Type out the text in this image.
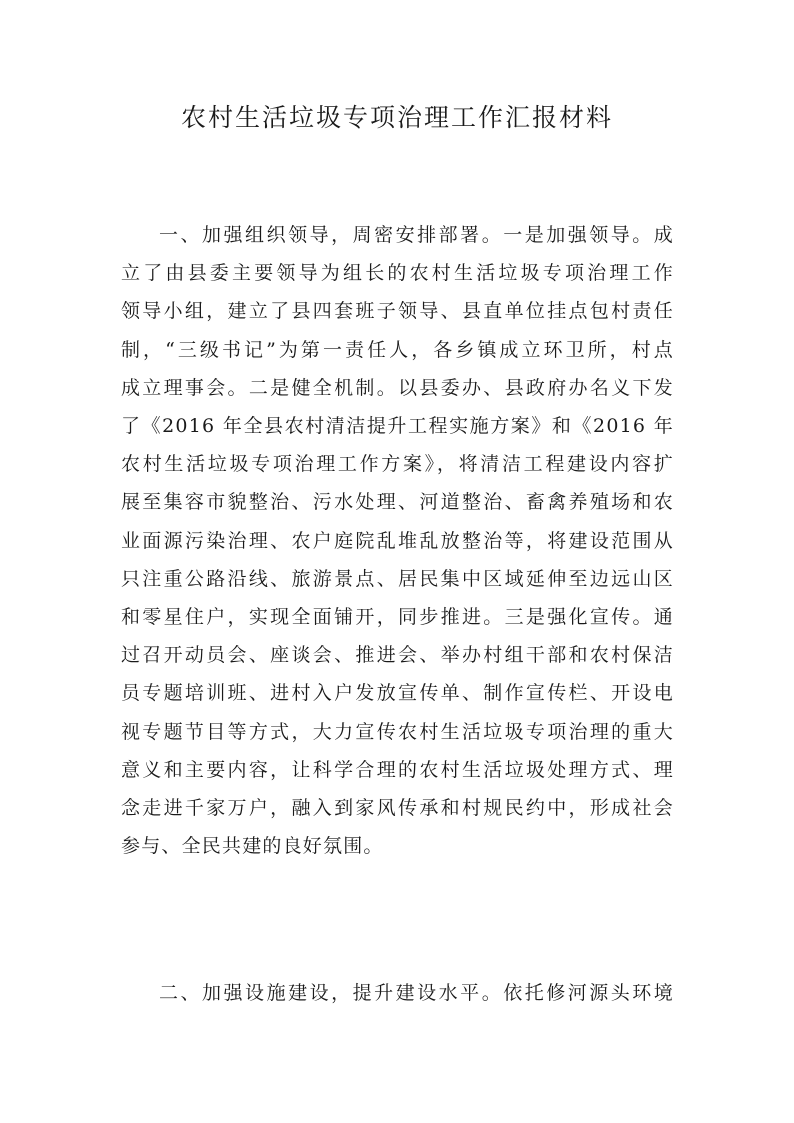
农村生活垃圾专项治理工作汇报材料
一、加强组织领导，周密安排部署。一是加强领导。成
立了由县委主要领导为组长的农村生活垃圾专项治理工作
领导小组，建立了县四套班子领导、县直单位挂点包村责任
制，“三级书记”为第一责任人，各乡镇成立环卫所，村点
成立理事会。二是健全机制。以县委办、县政府办名义下发
了《2016 年全县农村清洁提升工程实施方案》和《2016 年
农村生活垃圾专项治理工作方案》，将清洁工程建设内容扩
展至集容市貌整治、污水处理、河道整治、畜禽养殖场和农
业面源污染治理、农户庭院乱堆乱放整治等，将建设范围从
只注重公路沿线、旅游景点、居民集中区域延伸至边远山区
和零星住户，实现全面铺开，同步推进。三是强化宣传。通
过召开动员会、座谈会、推进会、举办村组干部和农村保洁
员专题培训班、进村入户发放宣传单、制作宣传栏、开设电
视专题节目等方式，大力宣传农村生活垃圾专项治理的重大
意义和主要内容，让科学合理的农村生活垃圾处理方式、理
念走进千家万户，融入到家风传承和村规民约中，形成社会
参与、全民共建的良好氛围。
二、加强设施建设，提升建设水平。依托修河源头环境
